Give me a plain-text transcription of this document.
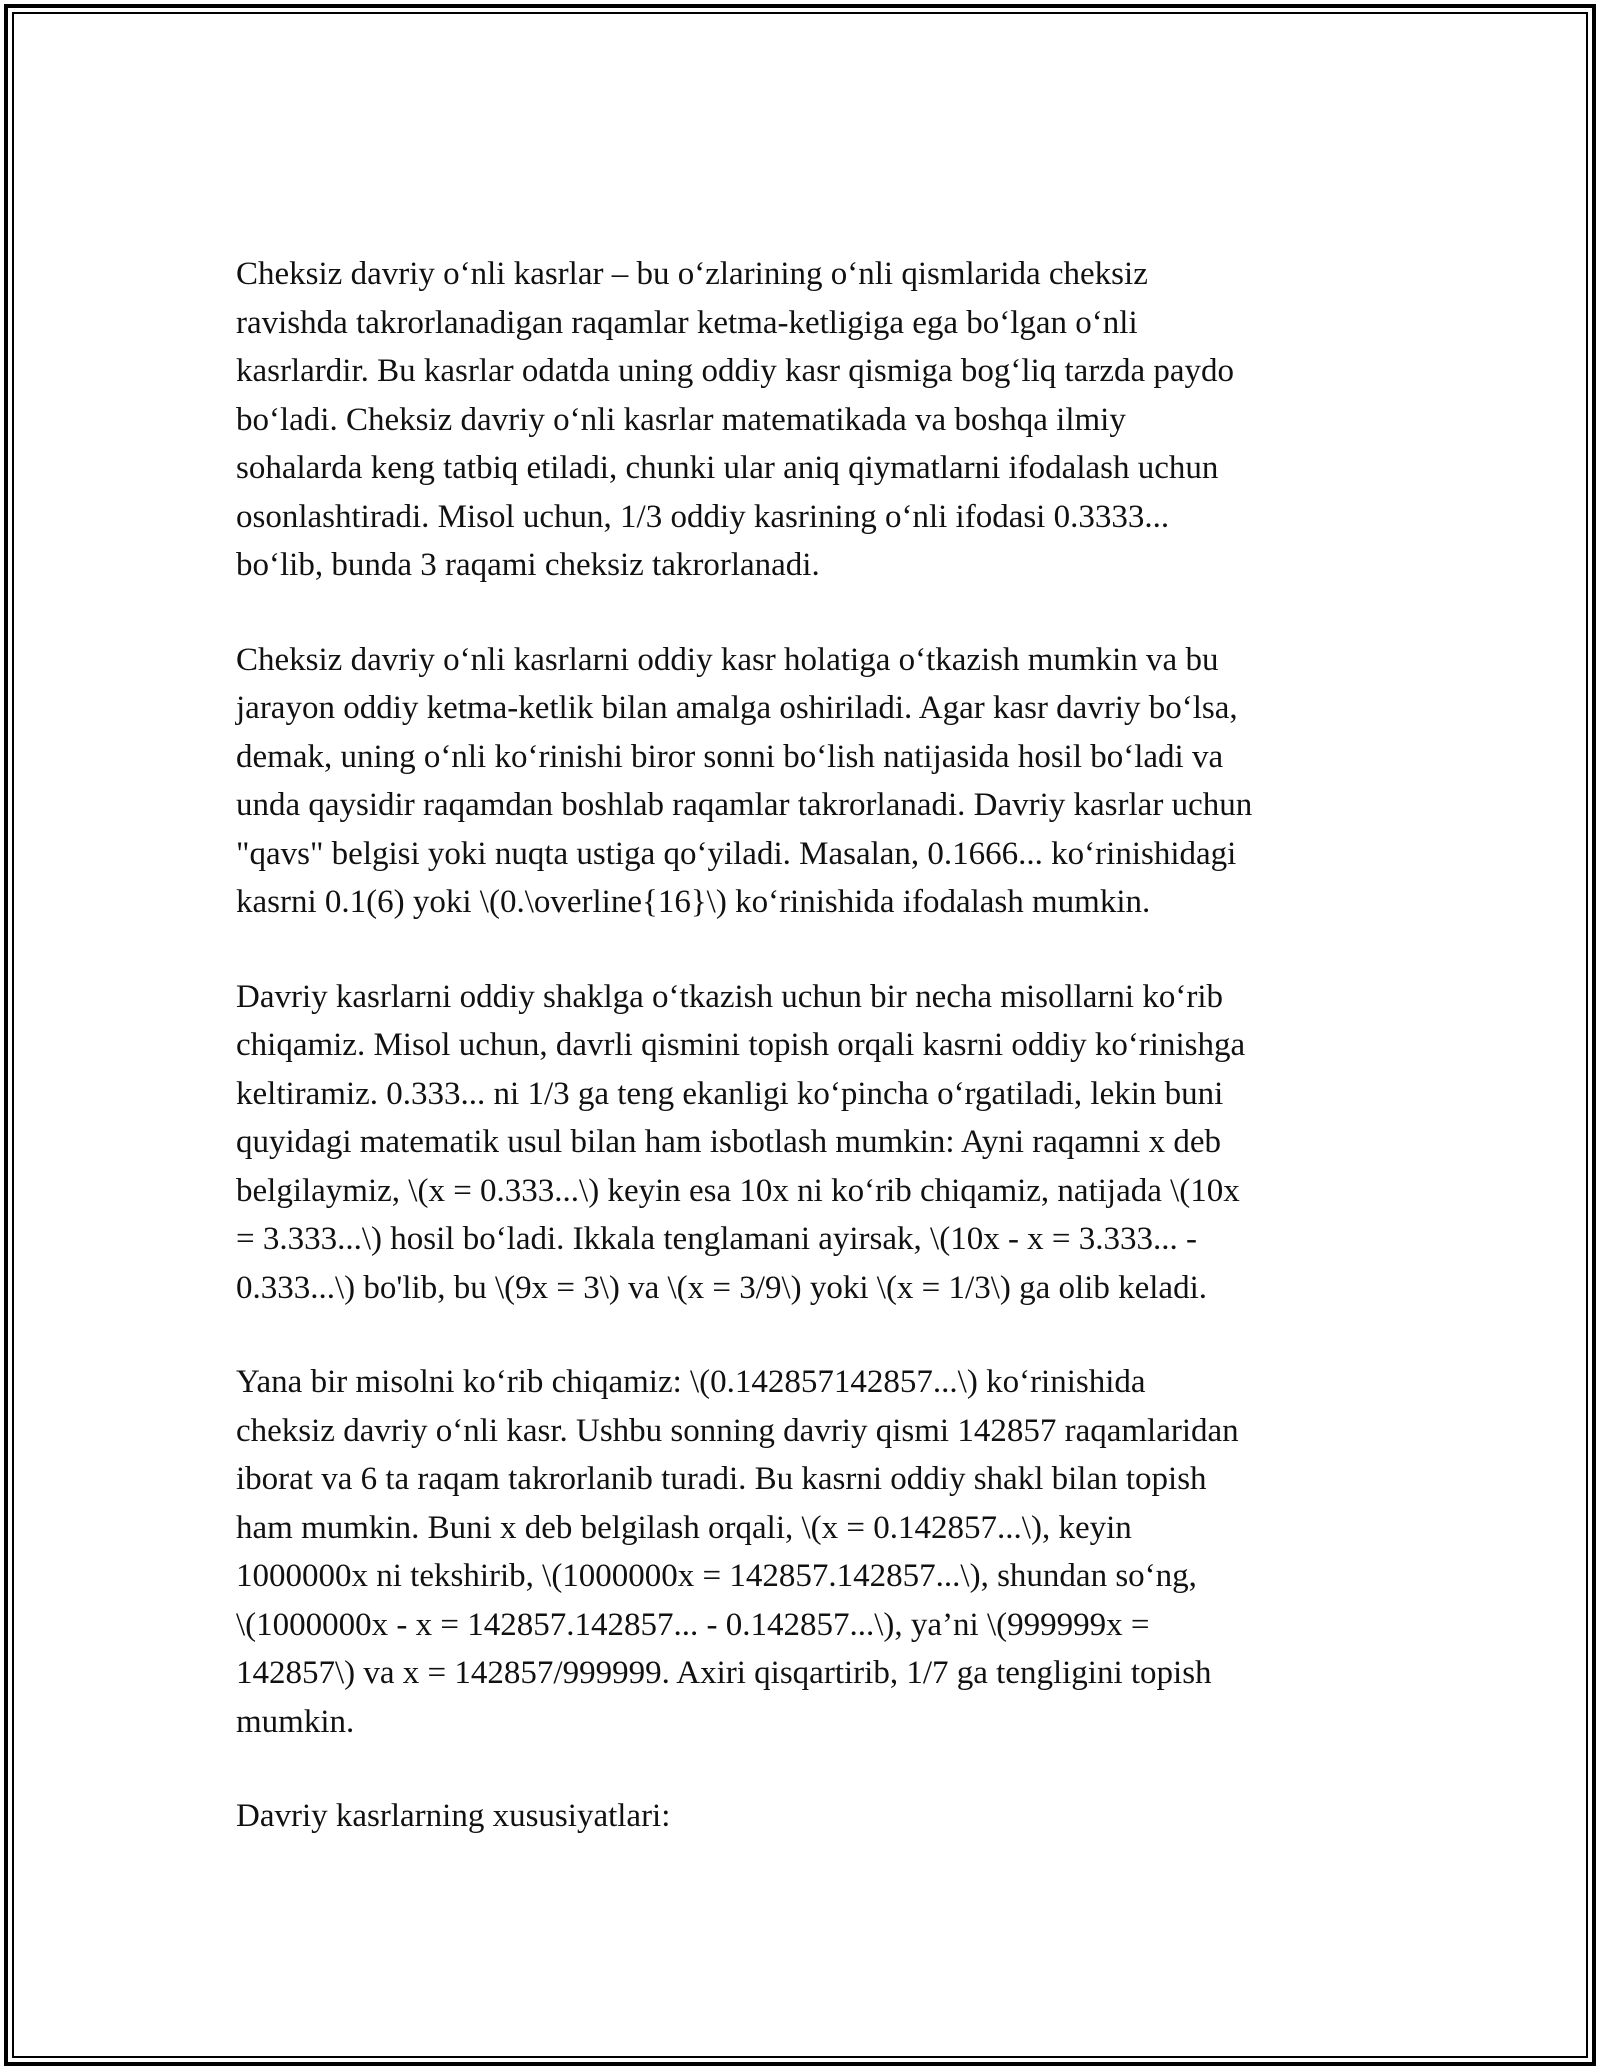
Cheksiz davriy o‘nli kasrlar – bu o‘zlarining o‘nli qismlarida cheksiz
ravishda takrorlanadigan raqamlar ketma-ketligiga ega bo‘lgan o‘nli
kasrlardir. Bu kasrlar odatda uning oddiy kasr qismiga bog‘liq tarzda paydo
bo‘ladi. Cheksiz davriy o‘nli kasrlar matematikada va boshqa ilmiy
sohalarda keng tatbiq etiladi, chunki ular aniq qiymatlarni ifodalash uchun
osonlashtiradi. Misol uchun, 1/3 oddiy kasrining o‘nli ifodasi 0.3333...
bo‘lib, bunda 3 raqami cheksiz takrorlanadi.

Cheksiz davriy o‘nli kasrlarni oddiy kasr holatiga o‘tkazish mumkin va bu
jarayon oddiy ketma-ketlik bilan amalga oshiriladi. Agar kasr davriy bo‘lsa,
demak, uning o‘nli ko‘rinishi biror sonni bo‘lish natijasida hosil bo‘ladi va
unda qaysidir raqamdan boshlab raqamlar takrorlanadi. Davriy kasrlar uchun
"qavs" belgisi yoki nuqta ustiga qo‘yiladi. Masalan, 0.1666... ko‘rinishidagi
kasrni 0.1(6) yoki \(0.\overline{16}\) ko‘rinishida ifodalash mumkin.

Davriy kasrlarni oddiy shaklga o‘tkazish uchun bir necha misollarni ko‘rib
chiqamiz. Misol uchun, davrli qismini topish orqali kasrni oddiy ko‘rinishga
keltiramiz. 0.333... ni 1/3 ga teng ekanligi ko‘pincha o‘rgatiladi, lekin buni
quyidagi matematik usul bilan ham isbotlash mumkin: Ayni raqamni x deb
belgilaymiz, \(x = 0.333...\) keyin esa 10x ni ko‘rib chiqamiz, natijada \(10x
= 3.333...\) hosil bo‘ladi. Ikkala tenglamani ayirsak, \(10x - x = 3.333... -
0.333...\) bo'lib, bu \(9x = 3\) va \(x = 3/9\) yoki \(x = 1/3\) ga olib keladi.

Yana bir misolni ko‘rib chiqamiz: \(0.142857142857...\) ko‘rinishida
cheksiz davriy o‘nli kasr. Ushbu sonning davriy qismi 142857 raqamlaridan
iborat va 6 ta raqam takrorlanib turadi. Bu kasrni oddiy shakl bilan topish
ham mumkin. Buni x deb belgilash orqali, \(x = 0.142857...\), keyin
1000000x ni tekshirib, \(1000000x = 142857.142857...\), shundan so‘ng,
\(1000000x - x = 142857.142857... - 0.142857...\), ya’ni \(999999x =
142857\) va x = 142857/999999. Axiri qisqartirib, 1/7 ga tengligini topish
mumkin.

Davriy kasrlarning xususiyatlari:
